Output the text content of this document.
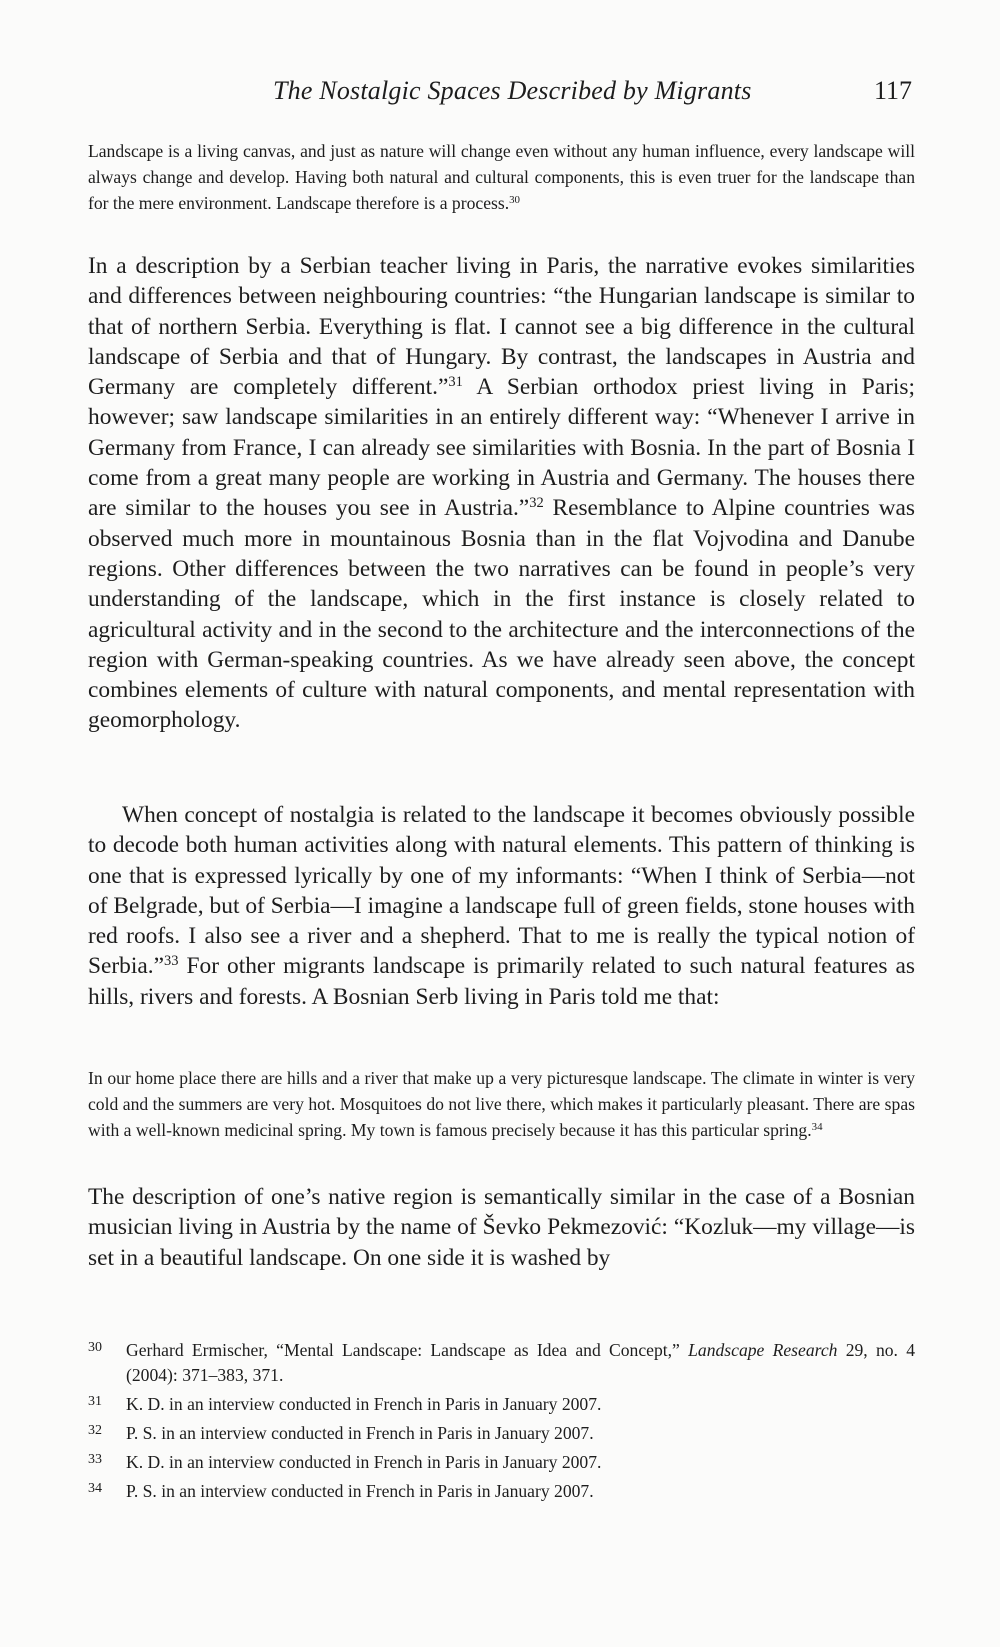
The Nostalgic Spaces Described by Migrants	117

Landscape is a living canvas, and just as nature will change even without any human influence, every landscape will always change and develop. Having both natural and cultural components, this is even truer for the landscape than for the mere environment. Landscape therefore is a process.$^{30}$

In a description by a Serbian teacher living in Paris, the narrative evokes similarities and differences between neighbouring countries: “the Hungarian landscape is similar to that of northern Serbia. Everything is flat. I cannot see a big difference in the cultural landscape of Serbia and that of Hungary. By contrast, the landscapes in Austria and Germany are completely different.”$^{31}$ A Serbian orthodox priest living in Paris; however; saw landscape similarities in an entirely different way: “Whenever I arrive in Germany from France, I can already see similarities with Bosnia. In the part of Bosnia I come from a great many people are working in Austria and Germany. The houses there are similar to the houses you see in Austria.”$^{32}$ Resemblance to Alpine countries was observed much more in mountainous Bosnia than in the flat Vojvodina and Danube regions. Other differences between the two narratives can be found in people’s very understanding of the landscape, which in the first instance is closely related to agricultural activity and in the second to the architecture and the interconnections of the region with German-speaking countries. As we have already seen above, the concept combines elements of culture with natural components, and mental representation with geomorphology.

When concept of nostalgia is related to the landscape it becomes obviously possible to decode both human activities along with natural elements. This pattern of thinking is one that is expressed lyrically by one of my informants: “When I think of Serbia—not of Belgrade, but of Serbia—I imagine a landscape full of green fields, stone houses with red roofs. I also see a river and a shepherd. That to me is really the typical notion of Serbia.”$^{33}$ For other migrants landscape is primarily related to such natural features as hills, rivers and forests. A Bosnian Serb living in Paris told me that:

In our home place there are hills and a river that make up a very picturesque landscape. The climate in winter is very cold and the summers are very hot. Mosquitoes do not live there, which makes it particularly pleasant. There are spas with a well-known medicinal spring. My town is famous precisely because it has this particular spring.$^{34}$

The description of one’s native region is semantically similar in the case of a Bosnian musician living in Austria by the name of Ševko Pekmezović: “Kozluk—my village—is set in a beautiful landscape. On one side it is washed by

30 Gerhard Ermischer, “Mental Landscape: Landscape as Idea and Concept,” Landscape Research 29, no. 4 (2004): 371–383, 371.

31 K. D. in an interview conducted in French in Paris in January 2007.

32 P. S. in an interview conducted in French in Paris in January 2007.

33 K. D. in an interview conducted in French in Paris in January 2007.

34 P. S. in an interview conducted in French in Paris in January 2007.
